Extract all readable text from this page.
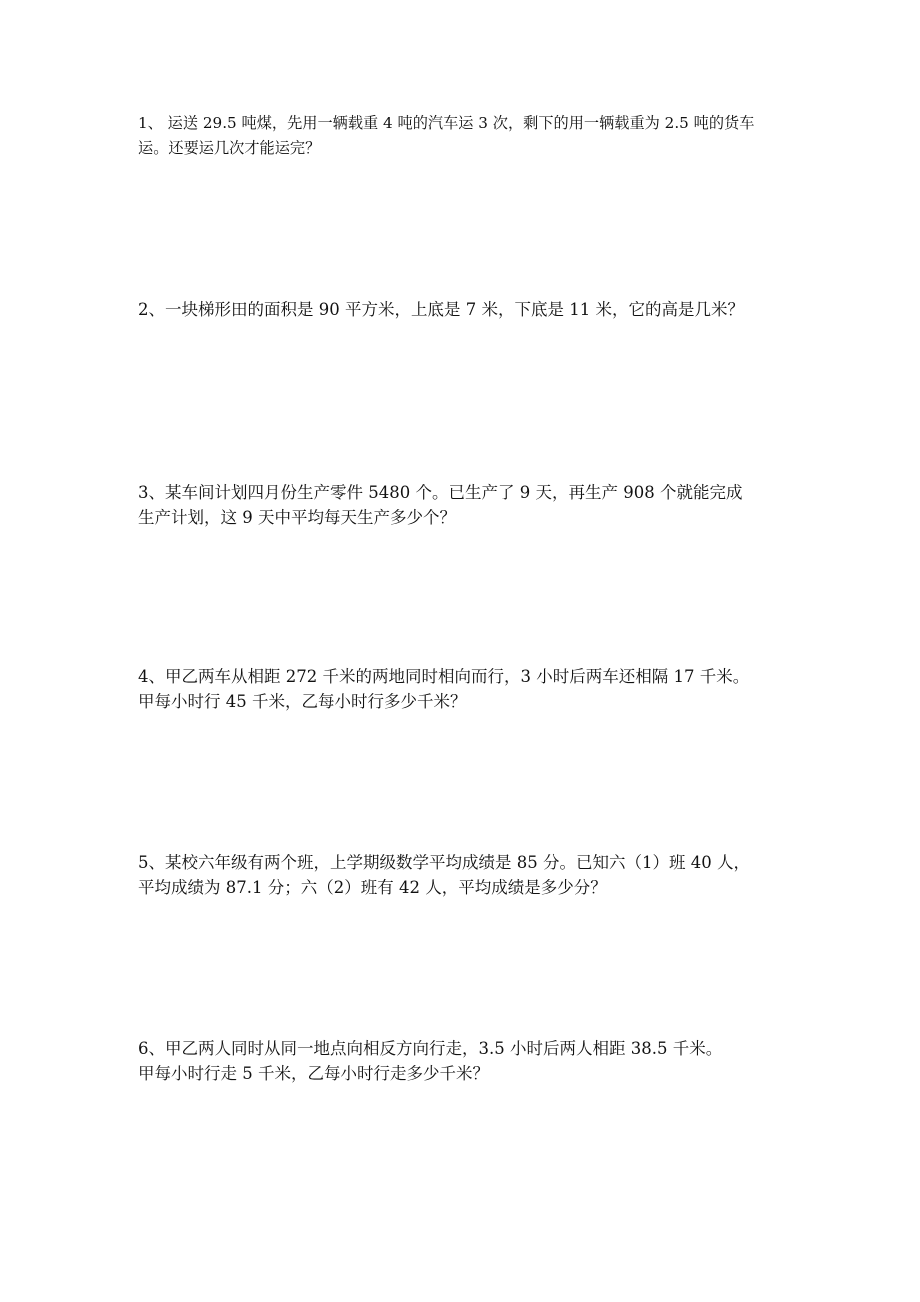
1、 运送 29.5 吨煤，先用一辆载重 4 吨的汽车运 3 次，剩下的用一辆载重为 2.5 吨的货车
运。还要运几次才能运完？

2、一块梯形田的面积是 90 平方米，上底是 7 米，下底是 11 米，它的高是几米？

3、某车间计划四月份生产零件 5480 个。已生产了 9 天，再生产 908 个就能完成
生产计划，这 9 天中平均每天生产多少个？

4、甲乙两车从相距 272 千米的两地同时相向而行，3 小时后两车还相隔 17 千米。
甲每小时行 45 千米，乙每小时行多少千米？

5、某校六年级有两个班，上学期级数学平均成绩是 85 分。已知六（1）班 40 人，
平均成绩为 87.1 分；六（2）班有 42 人，平均成绩是多少分？

6、甲乙两人同时从同一地点向相反方向行走，3.5 小时后两人相距 38.5 千米。
甲每小时行走 5 千米，乙每小时行走多少千米？
